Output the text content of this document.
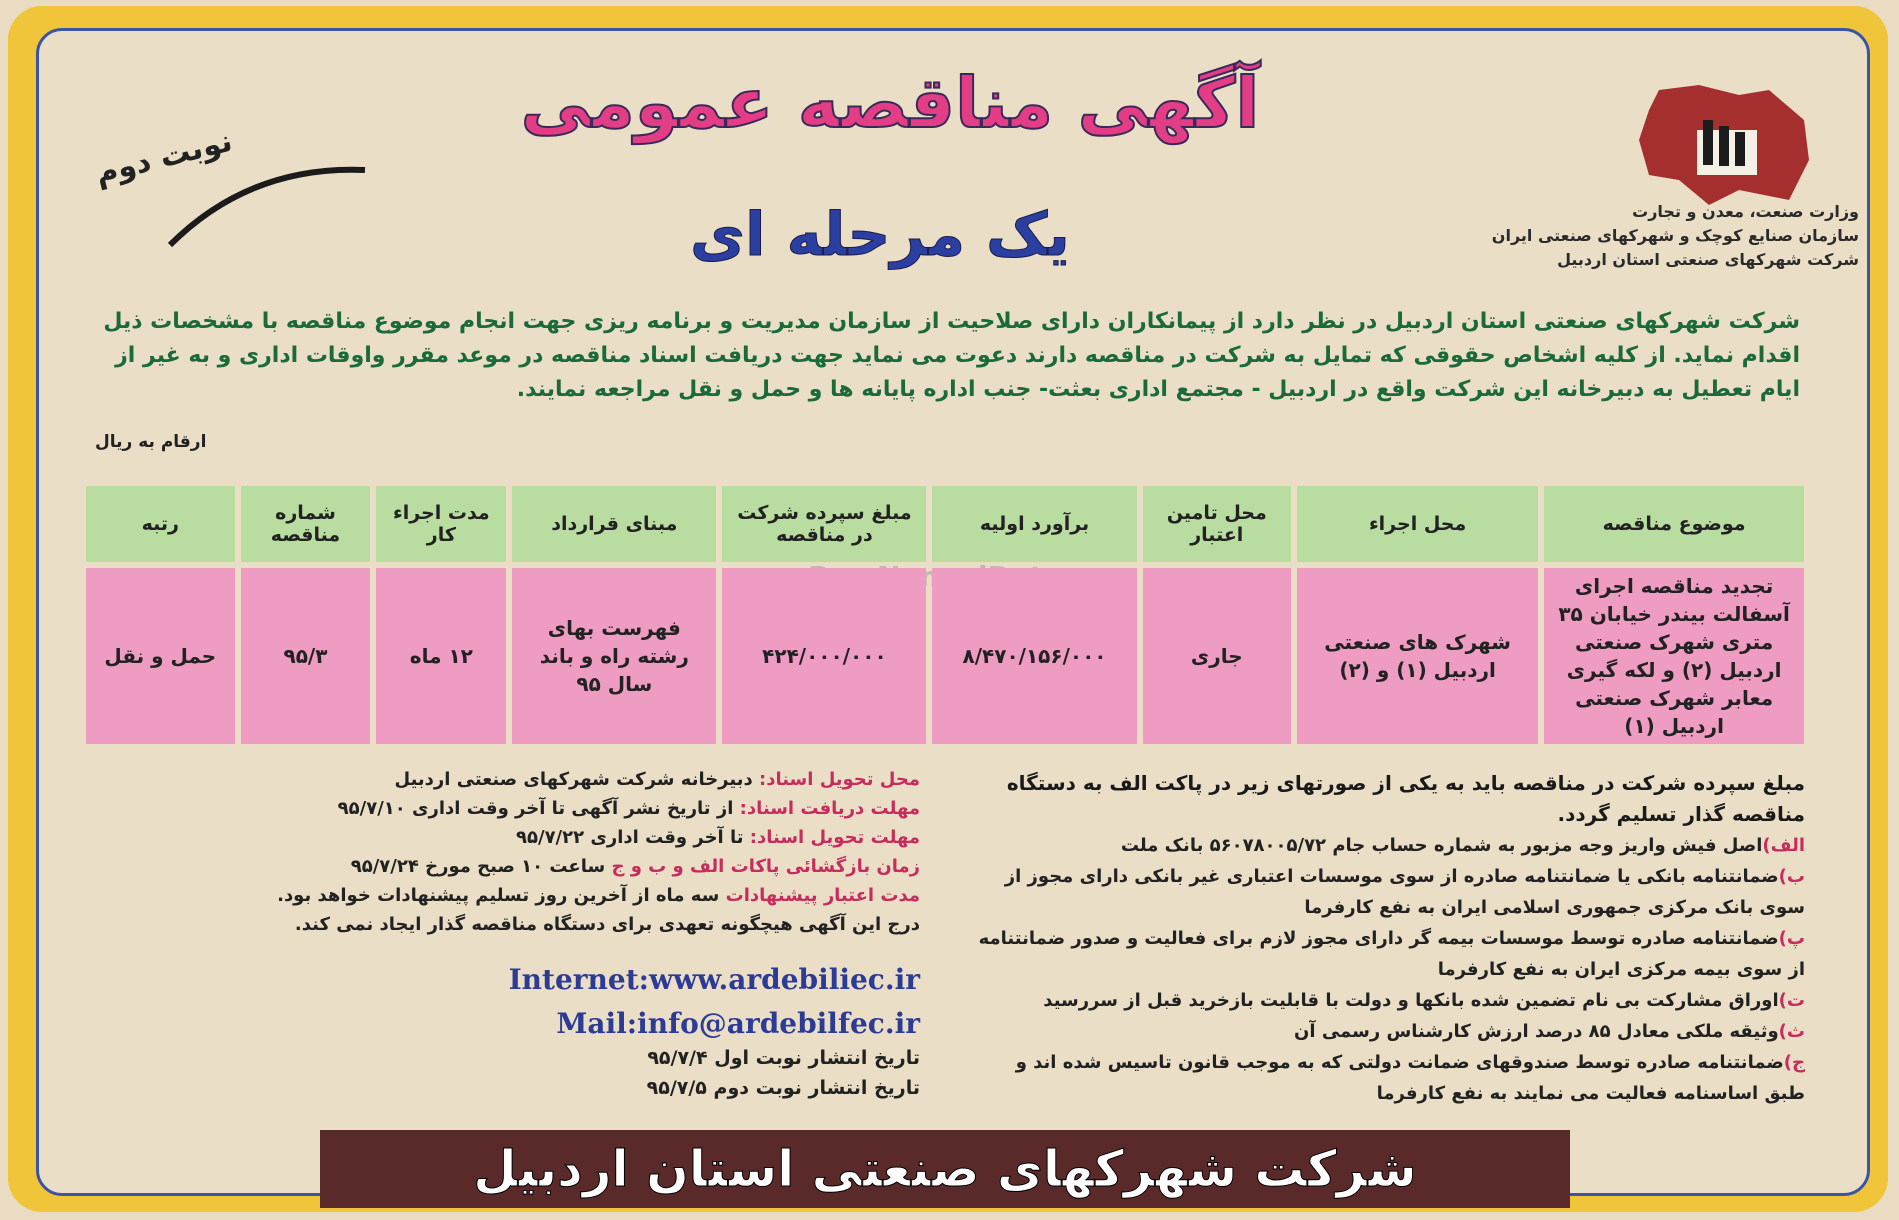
وزارت صنعت، معدن و تجارت
سازمان صنایع کوچک و شهرکهای صنعتی ایران
شرکت شهرکهای صنعتی استان اردبیل
آگهی مناقصه عمومی
یک مرحله ای
نوبت دوم
شرکت شهرکهای صنعتی استان اردبیل در نظر دارد از پیمانکاران دارای صلاحیت از سازمان مدیریت و برنامه ریزی جهت انجام موضوع مناقصه با مشخصات ذیل اقدام نماید. از کلیه اشخاص حقوقی که تمایل به شرکت در مناقصه دارند دعوت می نماید جهت دریافت اسناد مناقصه در موعد مقرر واوقات اداری و به غیر از ایام تعطیل به دبیرخانه این شرکت واقع در اردبیل - مجتمع اداری بعثت- جنب اداره پایانه ها و حمل و نقل مراجعه نمایند.
ارقام به ریال
موضوع مناقصه	محل اجراء	محل تامین اعتبار	برآورد اولیه	مبلغ سپرده شرکت در مناقصه	مبنای قرارداد	مدت اجراء کار	شماره مناقصه	رتبه
تجدید مناقصه اجرای آسفالت بیندر خیابان ۳۵ متری شهرک صنعتی اردبیل (۲) و لکه گیری معابر شهرک صنعتی اردبیل (۱)	شهرک های صنعتی اردبیل (۱) و (۲)	جاری	۸/۴۷۰/۱۵۶/۰۰۰	۴۲۴/۰۰۰/۰۰۰	فهرست بهای رشته راه و باند سال ۹۵	۱۲ ماه	۹۵/۳	حمل و نقل
مبلغ سپرده شرکت در مناقصه باید به یکی از صورتهای زیر در پاکت الف به دستگاه مناقصه گذار تسلیم گردد.
الف)اصل فیش واریز وجه مزبور به شماره حساب جام ۵۶۰۷۸۰۰۵/۷۲ بانک ملت
ب)ضمانتنامه بانکی یا ضمانتنامه صادره از سوی موسسات اعتباری غیر بانکی دارای مجوز از سوی بانک مرکزی جمهوری اسلامی ایران به نفع کارفرما
پ)ضمانتنامه صادره توسط موسسات بیمه گر دارای مجوز لازم برای فعالیت و صدور ضمانتنامه از سوی بیمه مرکزی ایران به نفع کارفرما
ت)اوراق مشارکت بی نام تضمین شده بانکها و دولت با قابلیت بازخرید قبل از سررسید
ث)وثیقه ملکی معادل ۸۵ درصد ارزش کارشناس رسمی آن
ج)ضمانتنامه صادره توسط صندوقهای ضمانت دولتی که به موجب قانون تاسیس شده اند و طبق اساسنامه فعالیت می نمایند به نفع کارفرما
محل تحویل اسناد: دبیرخانه شرکت شهرکهای صنعتی اردبیل
مهلت دریافت اسناد: از تاریخ نشر آگهی تا آخر وقت اداری ۹۵/۷/۱۰
مهلت تحویل اسناد: تا آخر وقت اداری ۹۵/۷/۲۲
زمان بازگشائی پاکات الف و ب و ج ساعت ۱۰ صبح مورخ ۹۵/۷/۲۴
مدت اعتبار پیشنهادات سه ماه از آخرین روز تسلیم پیشنهادات خواهد بود.
درج این آگهی هیچگونه تعهدی برای دستگاه مناقصه گذار ایجاد نمی کند.
Internet:www.ardebiliec.ir
Mail:info@ardebilfec.ir
تاریخ انتشار نوبت اول ۹۵/۷/۴
تاریخ انتشار نوبت دوم ۹۵/۷/۵
شرکت شهرکهای صنعتی استان اردبیل
